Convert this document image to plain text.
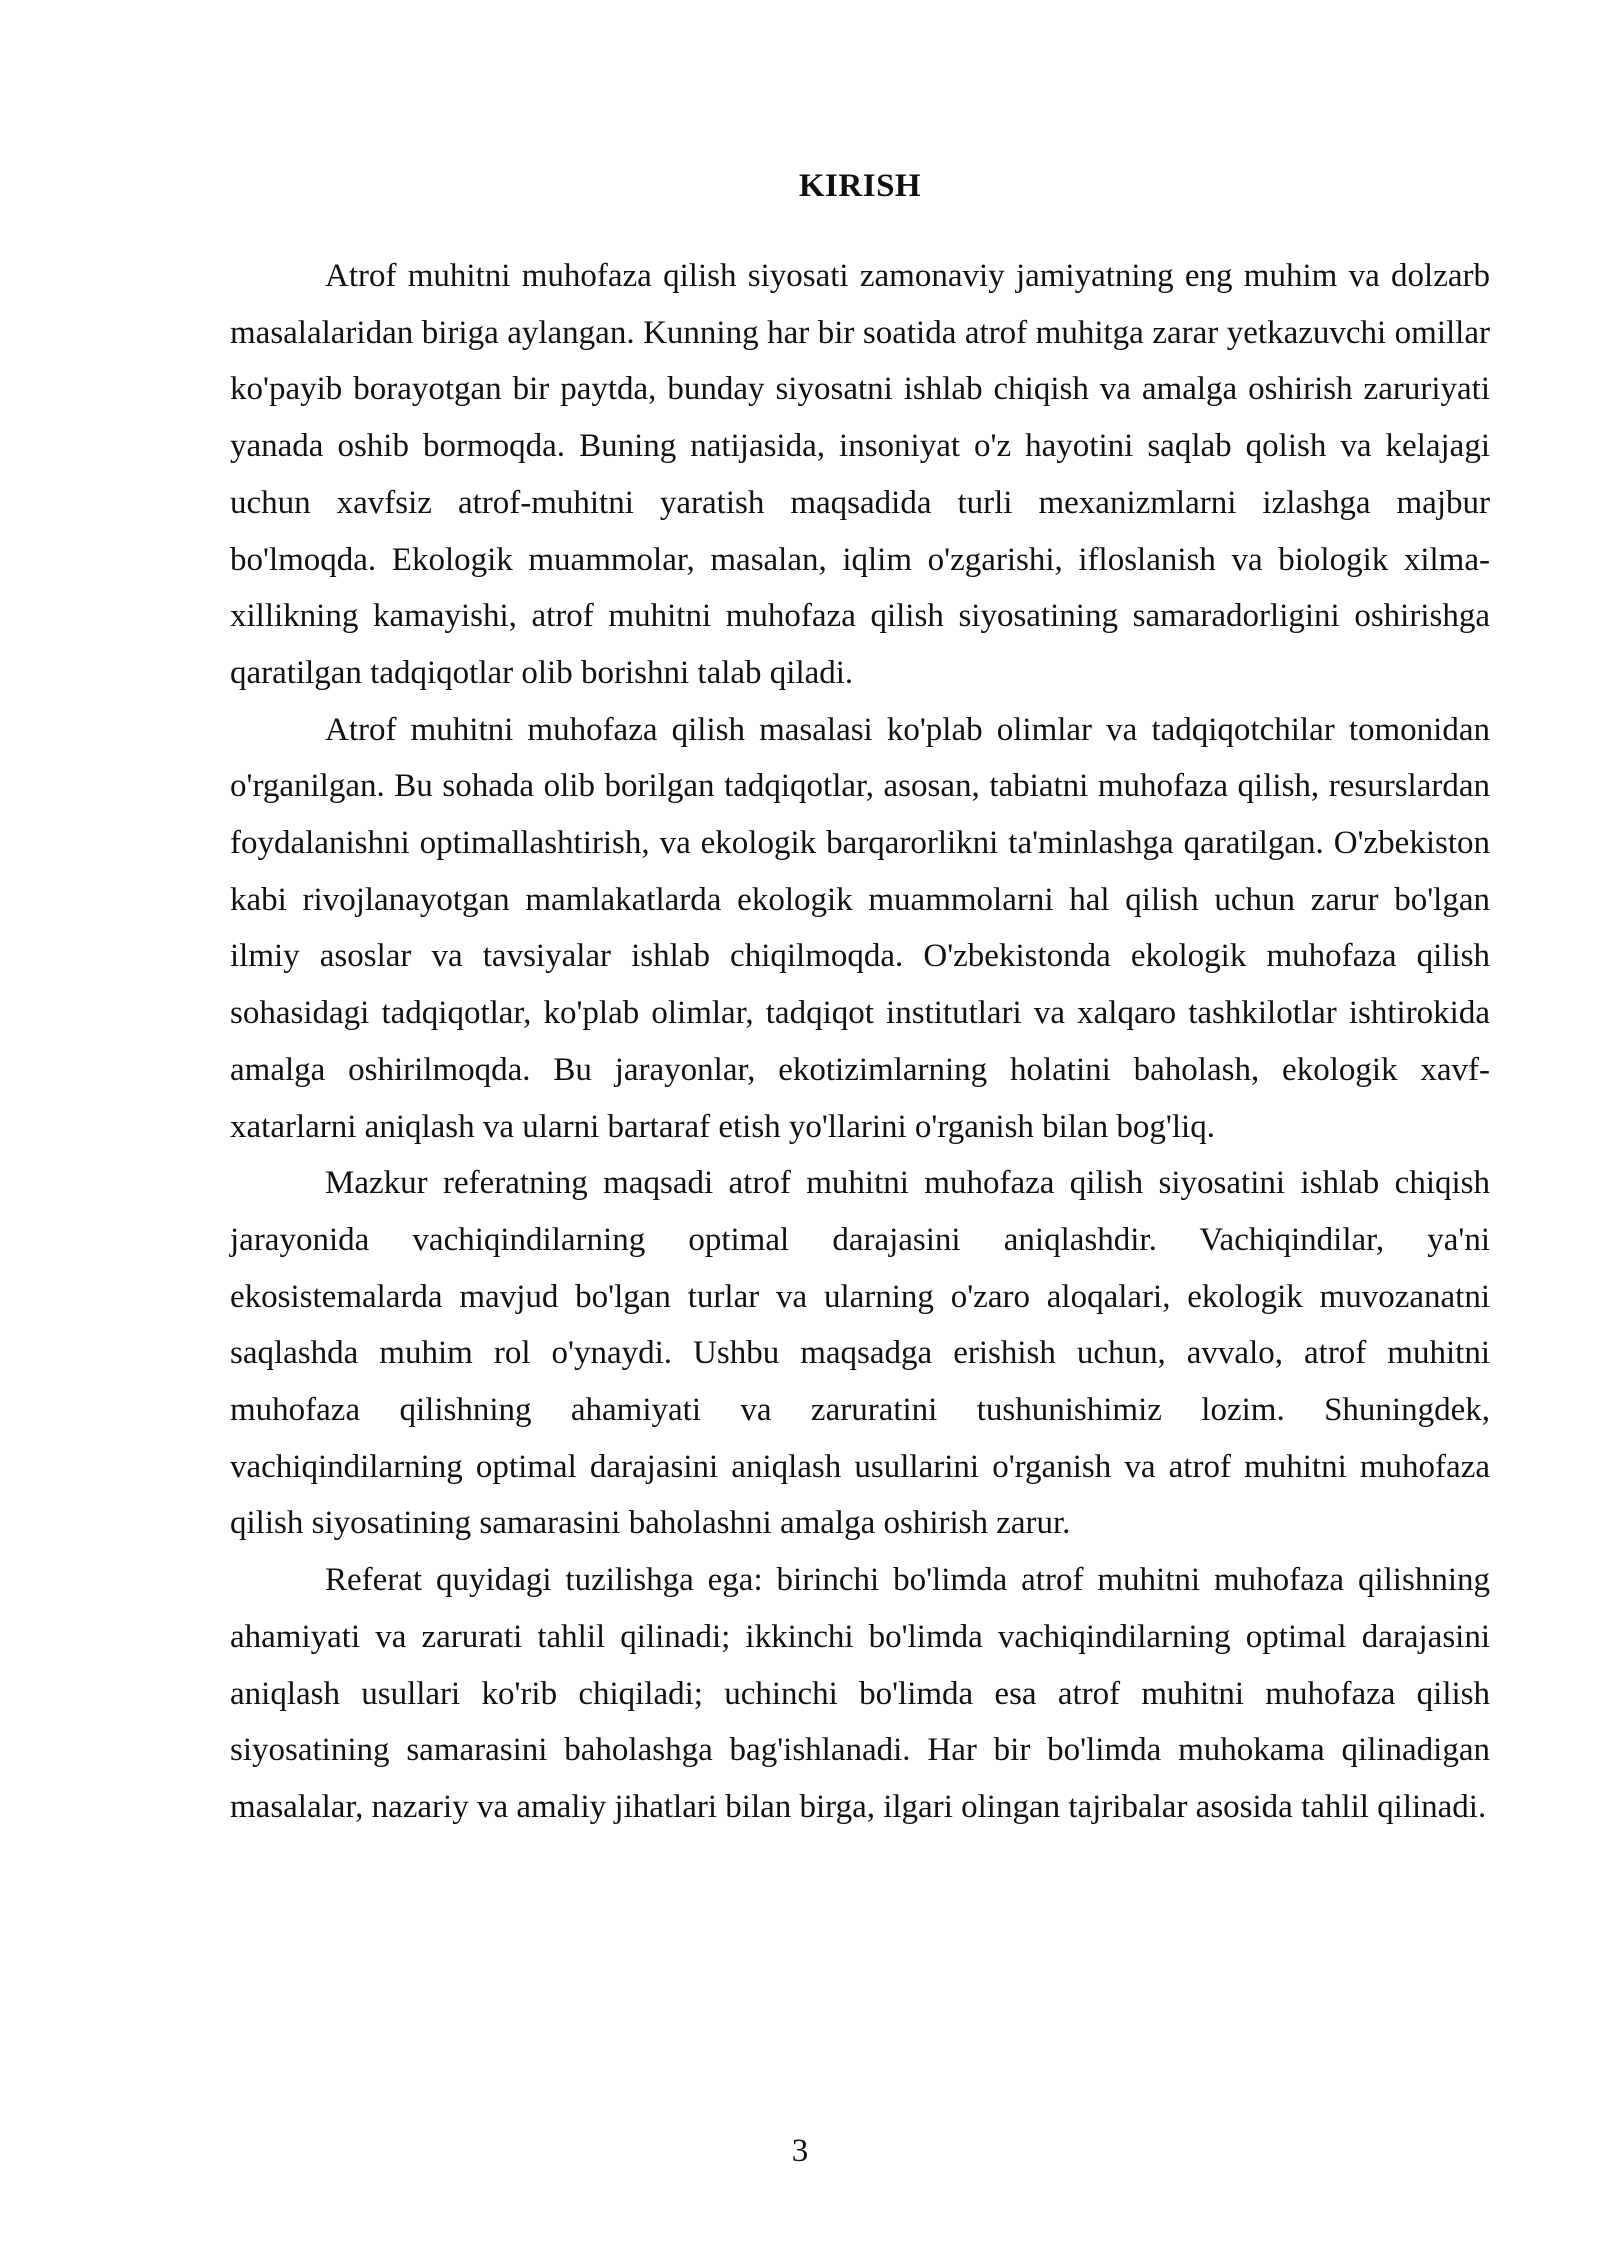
KIRISH

Atrof muhitni muhofaza qilish siyosati zamonaviy jamiyatning eng muhim va dolzarb masalalaridan biriga aylangan. Kunning har bir soatida atrof muhitga zarar yetkazuvchi omillar ko'payib borayotgan bir paytda, bunday siyosatni ishlab chiqish va amalga oshirish zaruriyati yanada oshib bormoqda. Buning natijasida, insoniyat o'z hayotini saqlab qolish va kelajagi uchun xavfsiz atrof-muhitni yaratish maqsadida turli mexanizmlarni izlashga majbur bo'lmoqda. Ekologik muammolar, masalan, iqlim o'zgarishi, ifloslanish va biologik xilma-xillikning kamayishi, atrof muhitni muhofaza qilish siyosatining samaradorligini oshirishga qaratilgan tadqiqotlar olib borishni talab qiladi.

Atrof muhitni muhofaza qilish masalasi ko'plab olimlar va tadqiqotchilar tomonidan o'rganilgan. Bu sohada olib borilgan tadqiqotlar, asosan, tabiatni muhofaza qilish, resurslardan foydalanishni optimallashtirish, va ekologik barqarorlikni ta'minlashga qaratilgan. O'zbekiston kabi rivojlanayotgan mamlakatlarda ekologik muammolarni hal qilish uchun zarur bo'lgan ilmiy asoslar va tavsiyalar ishlab chiqilmoqda. O'zbekistonda ekologik muhofaza qilish sohasidagi tadqiqotlar, ko'plab olimlar, tadqiqot institutlari va xalqaro tashkilotlar ishtirokida amalga oshirilmoqda. Bu jarayonlar, ekotizimlarning holatini baholash, ekologik xavf-xatarlarni aniqlash va ularni bartaraf etish yo'llarini o'rganish bilan bog'liq.

Mazkur referatning maqsadi atrof muhitni muhofaza qilish siyosatini ishlab chiqish jarayonida vachiqindilarning optimal darajasini aniqlashdir. Vachiqindilar, ya'ni ekosistemalarda mavjud bo'lgan turlar va ularning o'zaro aloqalari, ekologik muvozanatni saqlashda muhim rol o'ynaydi. Ushbu maqsadga erishish uchun, avvalo, atrof muhitni muhofaza qilishning ahamiyati va zaruratini tushunishimiz lozim. Shuningdek, vachiqindilarning optimal darajasini aniqlash usullarini o'rganish va atrof muhitni muhofaza qilish siyosatining samarasini baholashni amalga oshirish zarur.

Referat quyidagi tuzilishga ega: birinchi bo'limda atrof muhitni muhofaza qilishning ahamiyati va zarurati tahlil qilinadi; ikkinchi bo'limda vachiqindilarning optimal darajasini aniqlash usullari ko'rib chiqiladi; uchinchi bo'limda esa atrof muhitni muhofaza qilish siyosatining samarasini baholashga bag'ishlanadi. Har bir bo'limda muhokama qilinadigan masalalar, nazariy va amaliy jihatlari bilan birga, ilgari olingan tajribalar asosida tahlil qilinadi.

3
